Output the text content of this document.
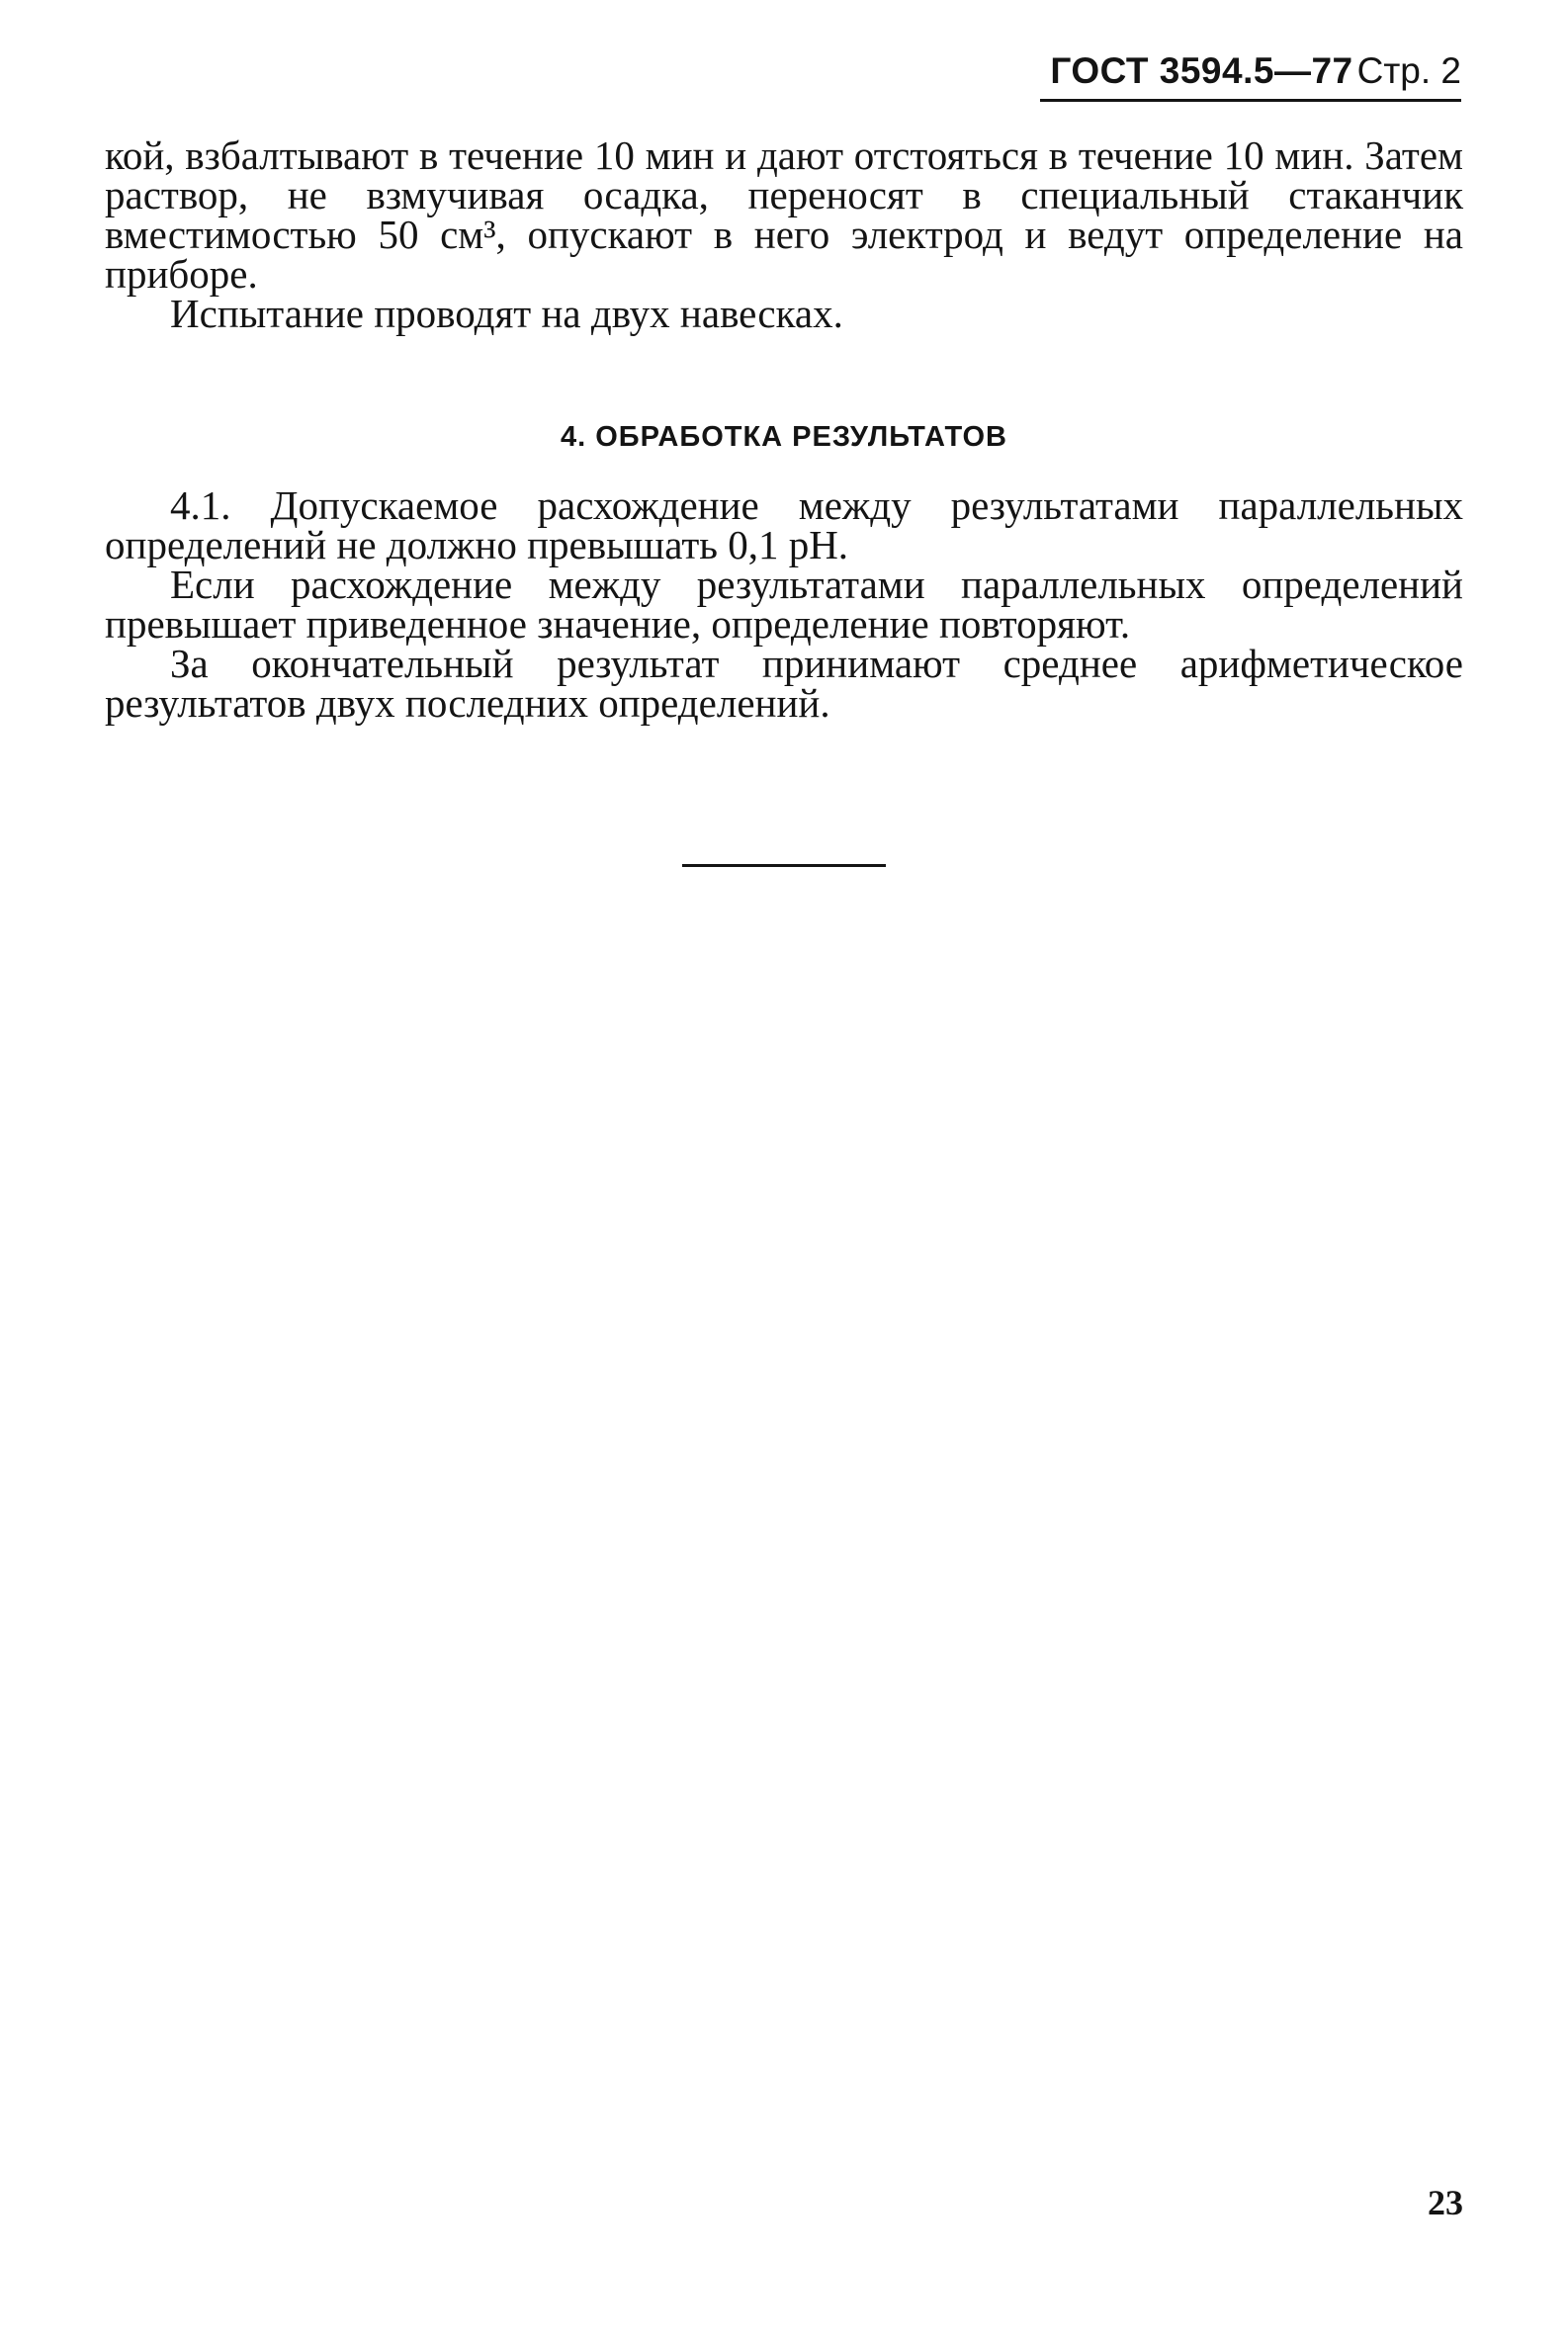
ГОСТ 3594.5—77 Стр. 2

кой, взбалтывают в течение 10 мин и дают отстояться в течение 10 мин. Затем раствор, не взмучивая осадка, переносят в специальный стаканчик вместимостью 50 см³, опускают в него электрод и ведут определение на приборе.

Испытание проводят на двух навесках.

4. ОБРАБОТКА РЕЗУЛЬТАТОВ

4.1. Допускаемое расхождение между результатами параллельных определений не должно превышать 0,1 pH.

Если расхождение между результатами параллельных определений превышает приведенное значение, определение повторяют.

За окончательный результат принимают среднее арифметическое результатов двух последних определений.

23
